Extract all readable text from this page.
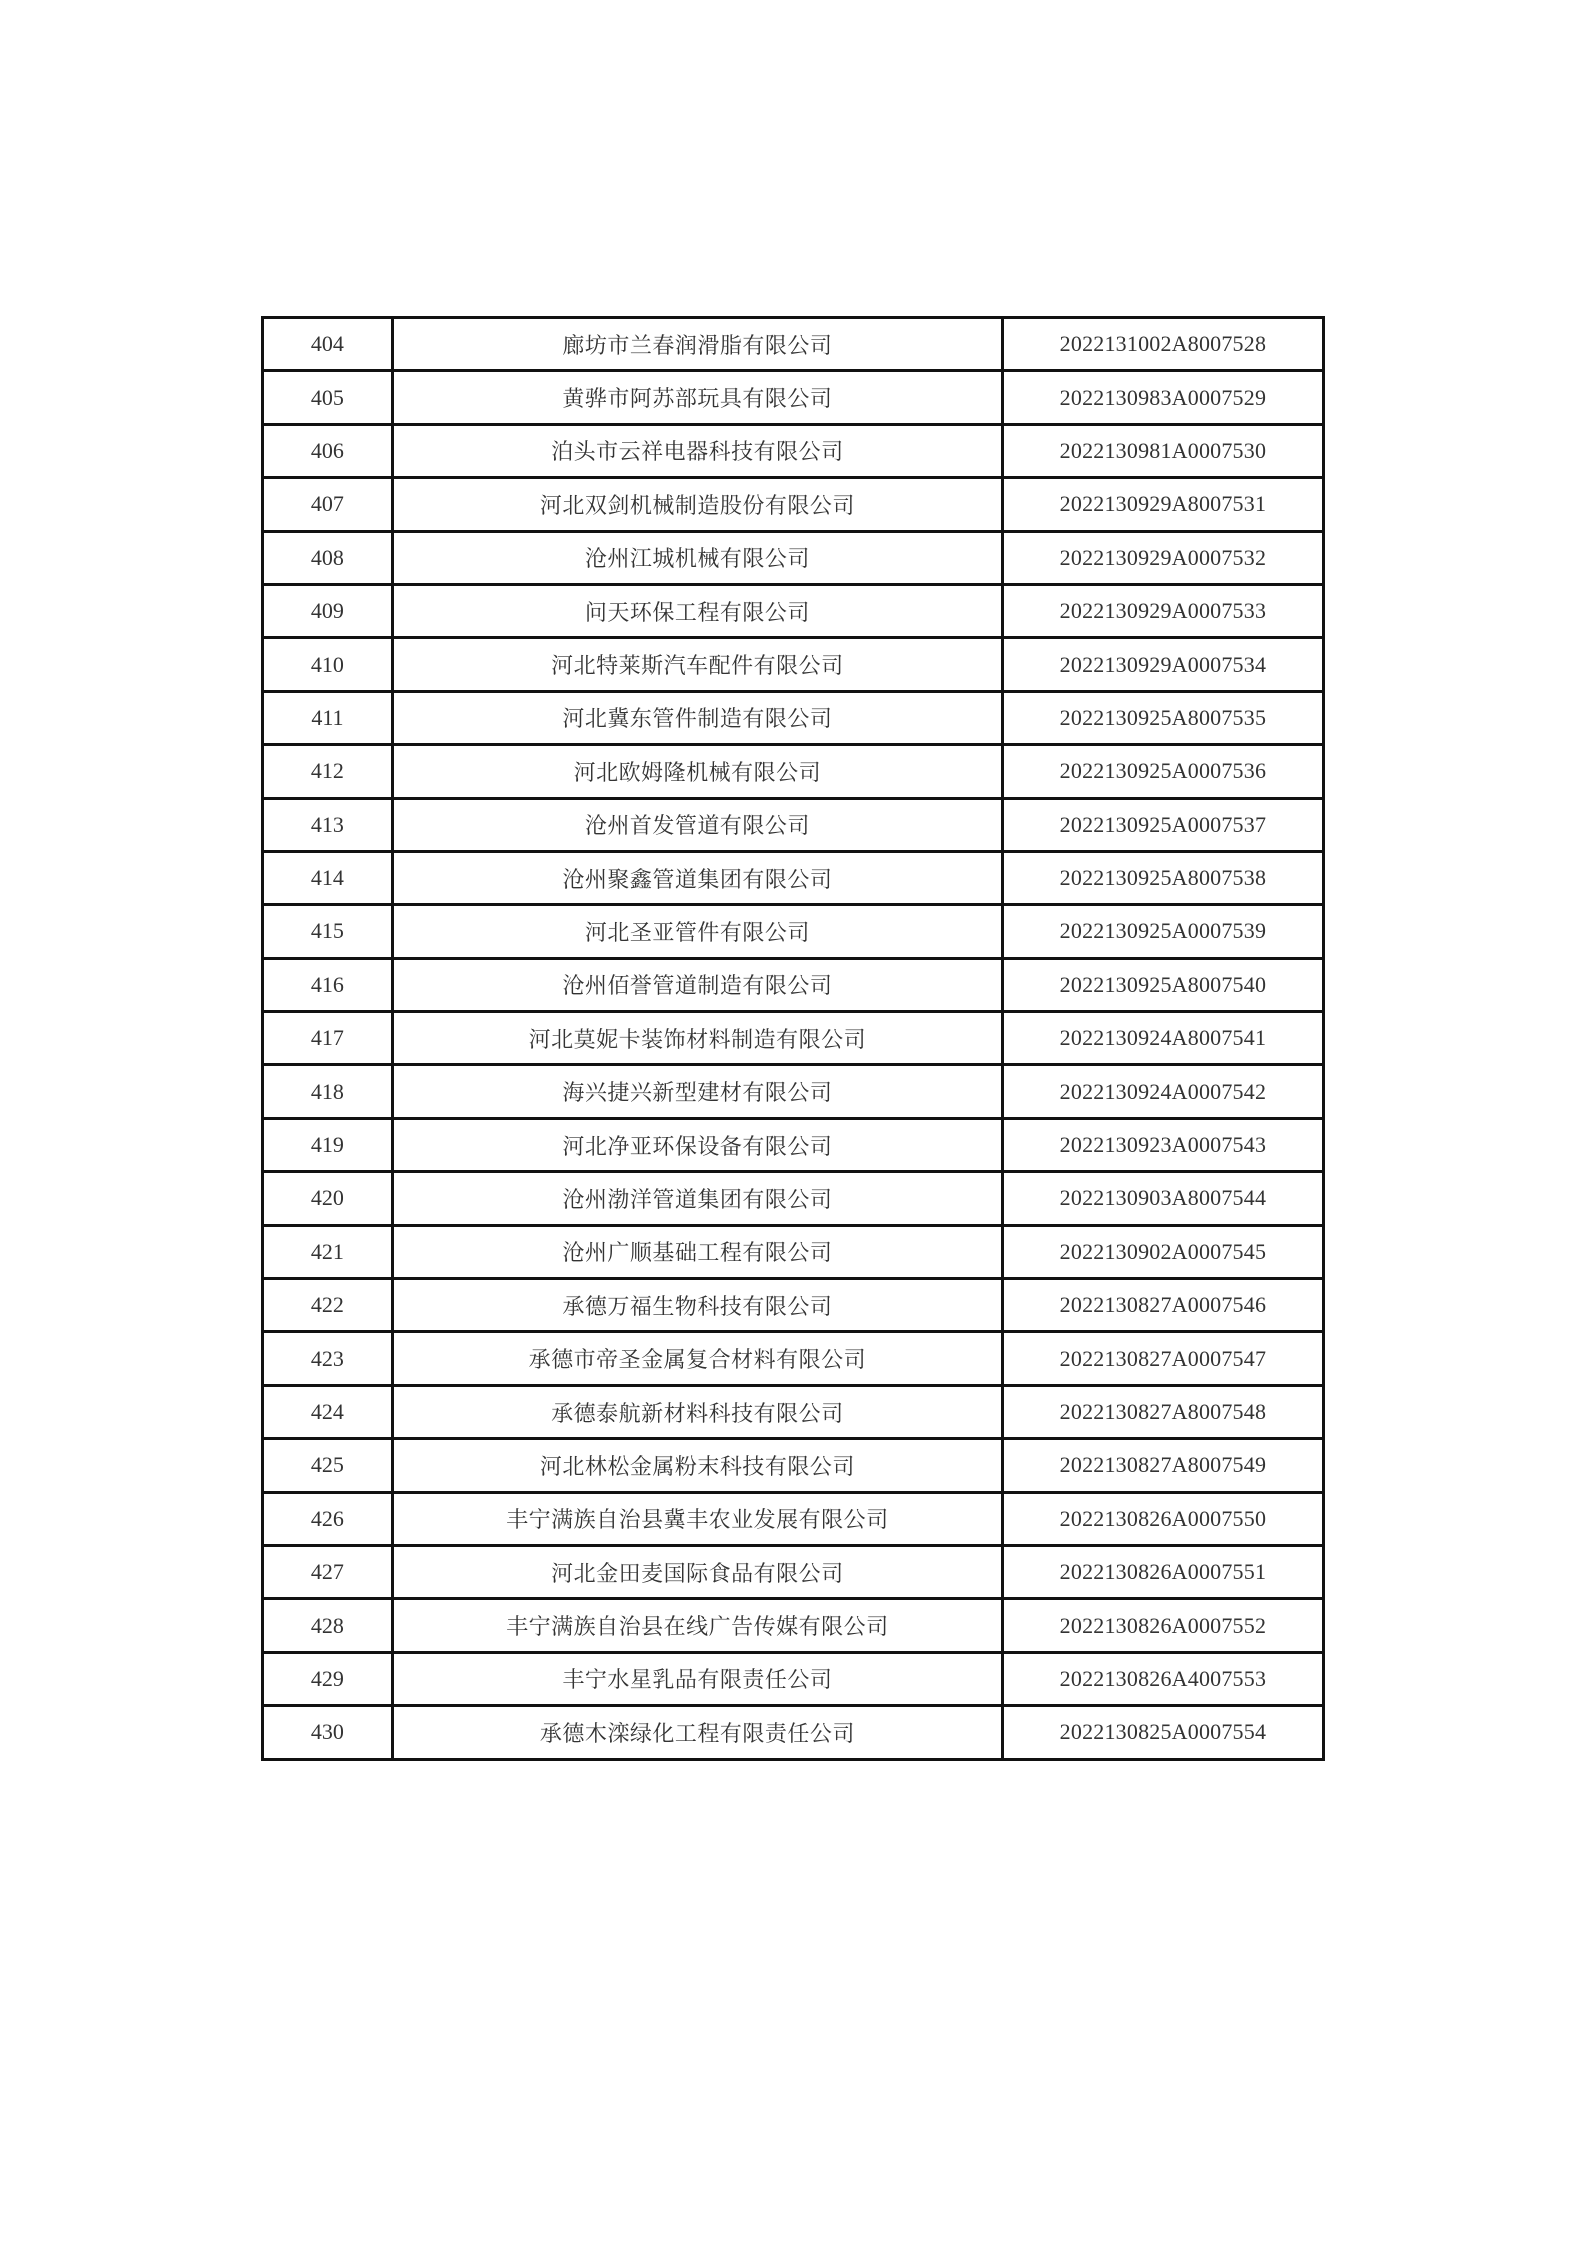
404	廊坊市兰春润滑脂有限公司	2022131002A8007528
405	黄骅市阿苏部玩具有限公司	2022130983A0007529
406	泊头市云祥电器科技有限公司	2022130981A0007530
407	河北双剑机械制造股份有限公司	2022130929A8007531
408	沧州江城机械有限公司	2022130929A0007532
409	问天环保工程有限公司	2022130929A0007533
410	河北特莱斯汽车配件有限公司	2022130929A0007534
411	河北冀东管件制造有限公司	2022130925A8007535
412	河北欧姆隆机械有限公司	2022130925A0007536
413	沧州首发管道有限公司	2022130925A0007537
414	沧州聚鑫管道集团有限公司	2022130925A8007538
415	河北圣亚管件有限公司	2022130925A0007539
416	沧州佰誉管道制造有限公司	2022130925A8007540
417	河北莫妮卡装饰材料制造有限公司	2022130924A8007541
418	海兴捷兴新型建材有限公司	2022130924A0007542
419	河北净亚环保设备有限公司	2022130923A0007543
420	沧州渤洋管道集团有限公司	2022130903A8007544
421	沧州广顺基础工程有限公司	2022130902A0007545
422	承德万福生物科技有限公司	2022130827A0007546
423	承德市帝圣金属复合材料有限公司	2022130827A0007547
424	承德泰航新材料科技有限公司	2022130827A8007548
425	河北林松金属粉末科技有限公司	2022130827A8007549
426	丰宁满族自治县冀丰农业发展有限公司	2022130826A0007550
427	河北金田麦国际食品有限公司	2022130826A0007551
428	丰宁满族自治县在线广告传媒有限公司	2022130826A0007552
429	丰宁水星乳品有限责任公司	2022130826A4007553
430	承德木滦绿化工程有限责任公司	2022130825A0007554
